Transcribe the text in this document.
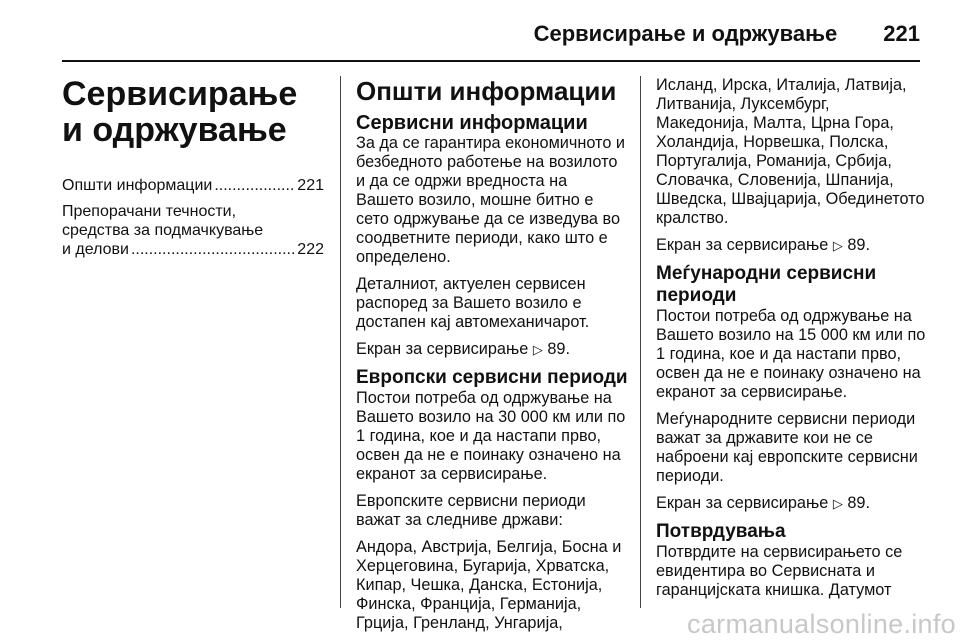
Сервисирање и одржување 221
Сервисирање
и одржување
Општи информации .....	221
Препорачани течности,
средства за подмачкување
и делови .....	222
Општи информации
Сервисни информации

За да се гарантира економичното и безбедното работење на возилото и да се одржи вредноста на Вашето возило, мошне битно е сето одржување да се изведува во соодветните периоди, како што е определено.

Деталниот, актуелен сервисен распоред за Вашето возило е достапен кај автомеханичарот.

Екран за сервисирање ▷ 89.

Европски сервисни периоди

Постои потреба од одржување на Вашето возило на 30 000 км или по 1 година, кое и да настапи прво, освен да не е поинаку означено на екранот за сервисирање.

Европските сервисни периоди важат за следниве држави:

Андора, Австрија, Белгија, Босна и Херцеговина, Бугарија, Хрватска, Кипар, Чешка, Данска, Естонија, Финска, Франција, Германија, Грција, Гренланд, Унгарија,

Исланд, Ирска, Италија, Латвија, Литванија, Луксембург, Македонија, Малта, Црна Гора, Холандија, Норвешка, Полска, Португалија, Романија, Србија, Словачка, Словенија, Шпанија, Шведска, Швајцарија, Обединетото кралство.

Екран за сервисирање ▷ 89.

Меѓународни сервисни
периоди

Постои потреба од одржување на Вашето возило на 15 000 км или по 1 година, кое и да настапи прво, освен да не е поинаку означено на екранот за сервисирање.

Меѓународните сервисни периоди важат за државите кои не се наброени кај европските сервисни периоди.

Екран за сервисирање ▷ 89.

Потврдувања

Потврдите на сервисирањето се евидентира во Сервисната и гаранцијската книшка. Датумот

carmanualsonline.info
